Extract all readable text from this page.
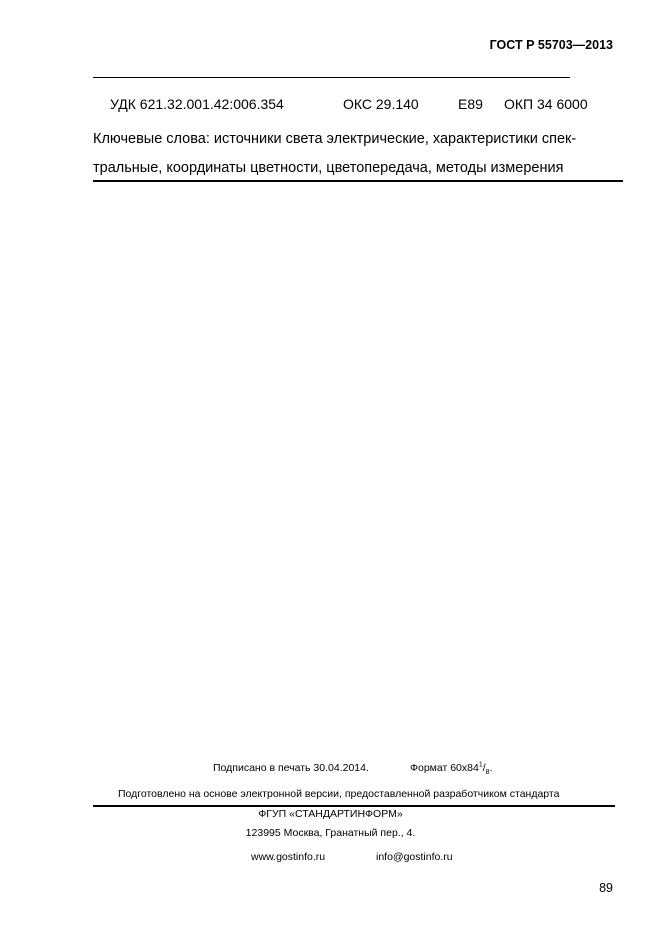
ГОСТ Р 55703—2013
УДК 621.32.001.42:006.354	ОКС 29.140	Е89 ОКП 34 6000
Ключевые слова: источники света электрические, характеристики спек-
тральные, координаты цветности, цветопередача, методы измерения
Подписано в печать 30.04.2014.	Формат $60x84^1/_8$.
Подготовлено на основе электронной версии, предоставленной разработчиком стандарта
ФГУП «СТАНДАРТИНФОРМ»
123995 Москва, Гранатный пер., 4.
www.gostinfo.ru	info@gostinfo.ru
89
